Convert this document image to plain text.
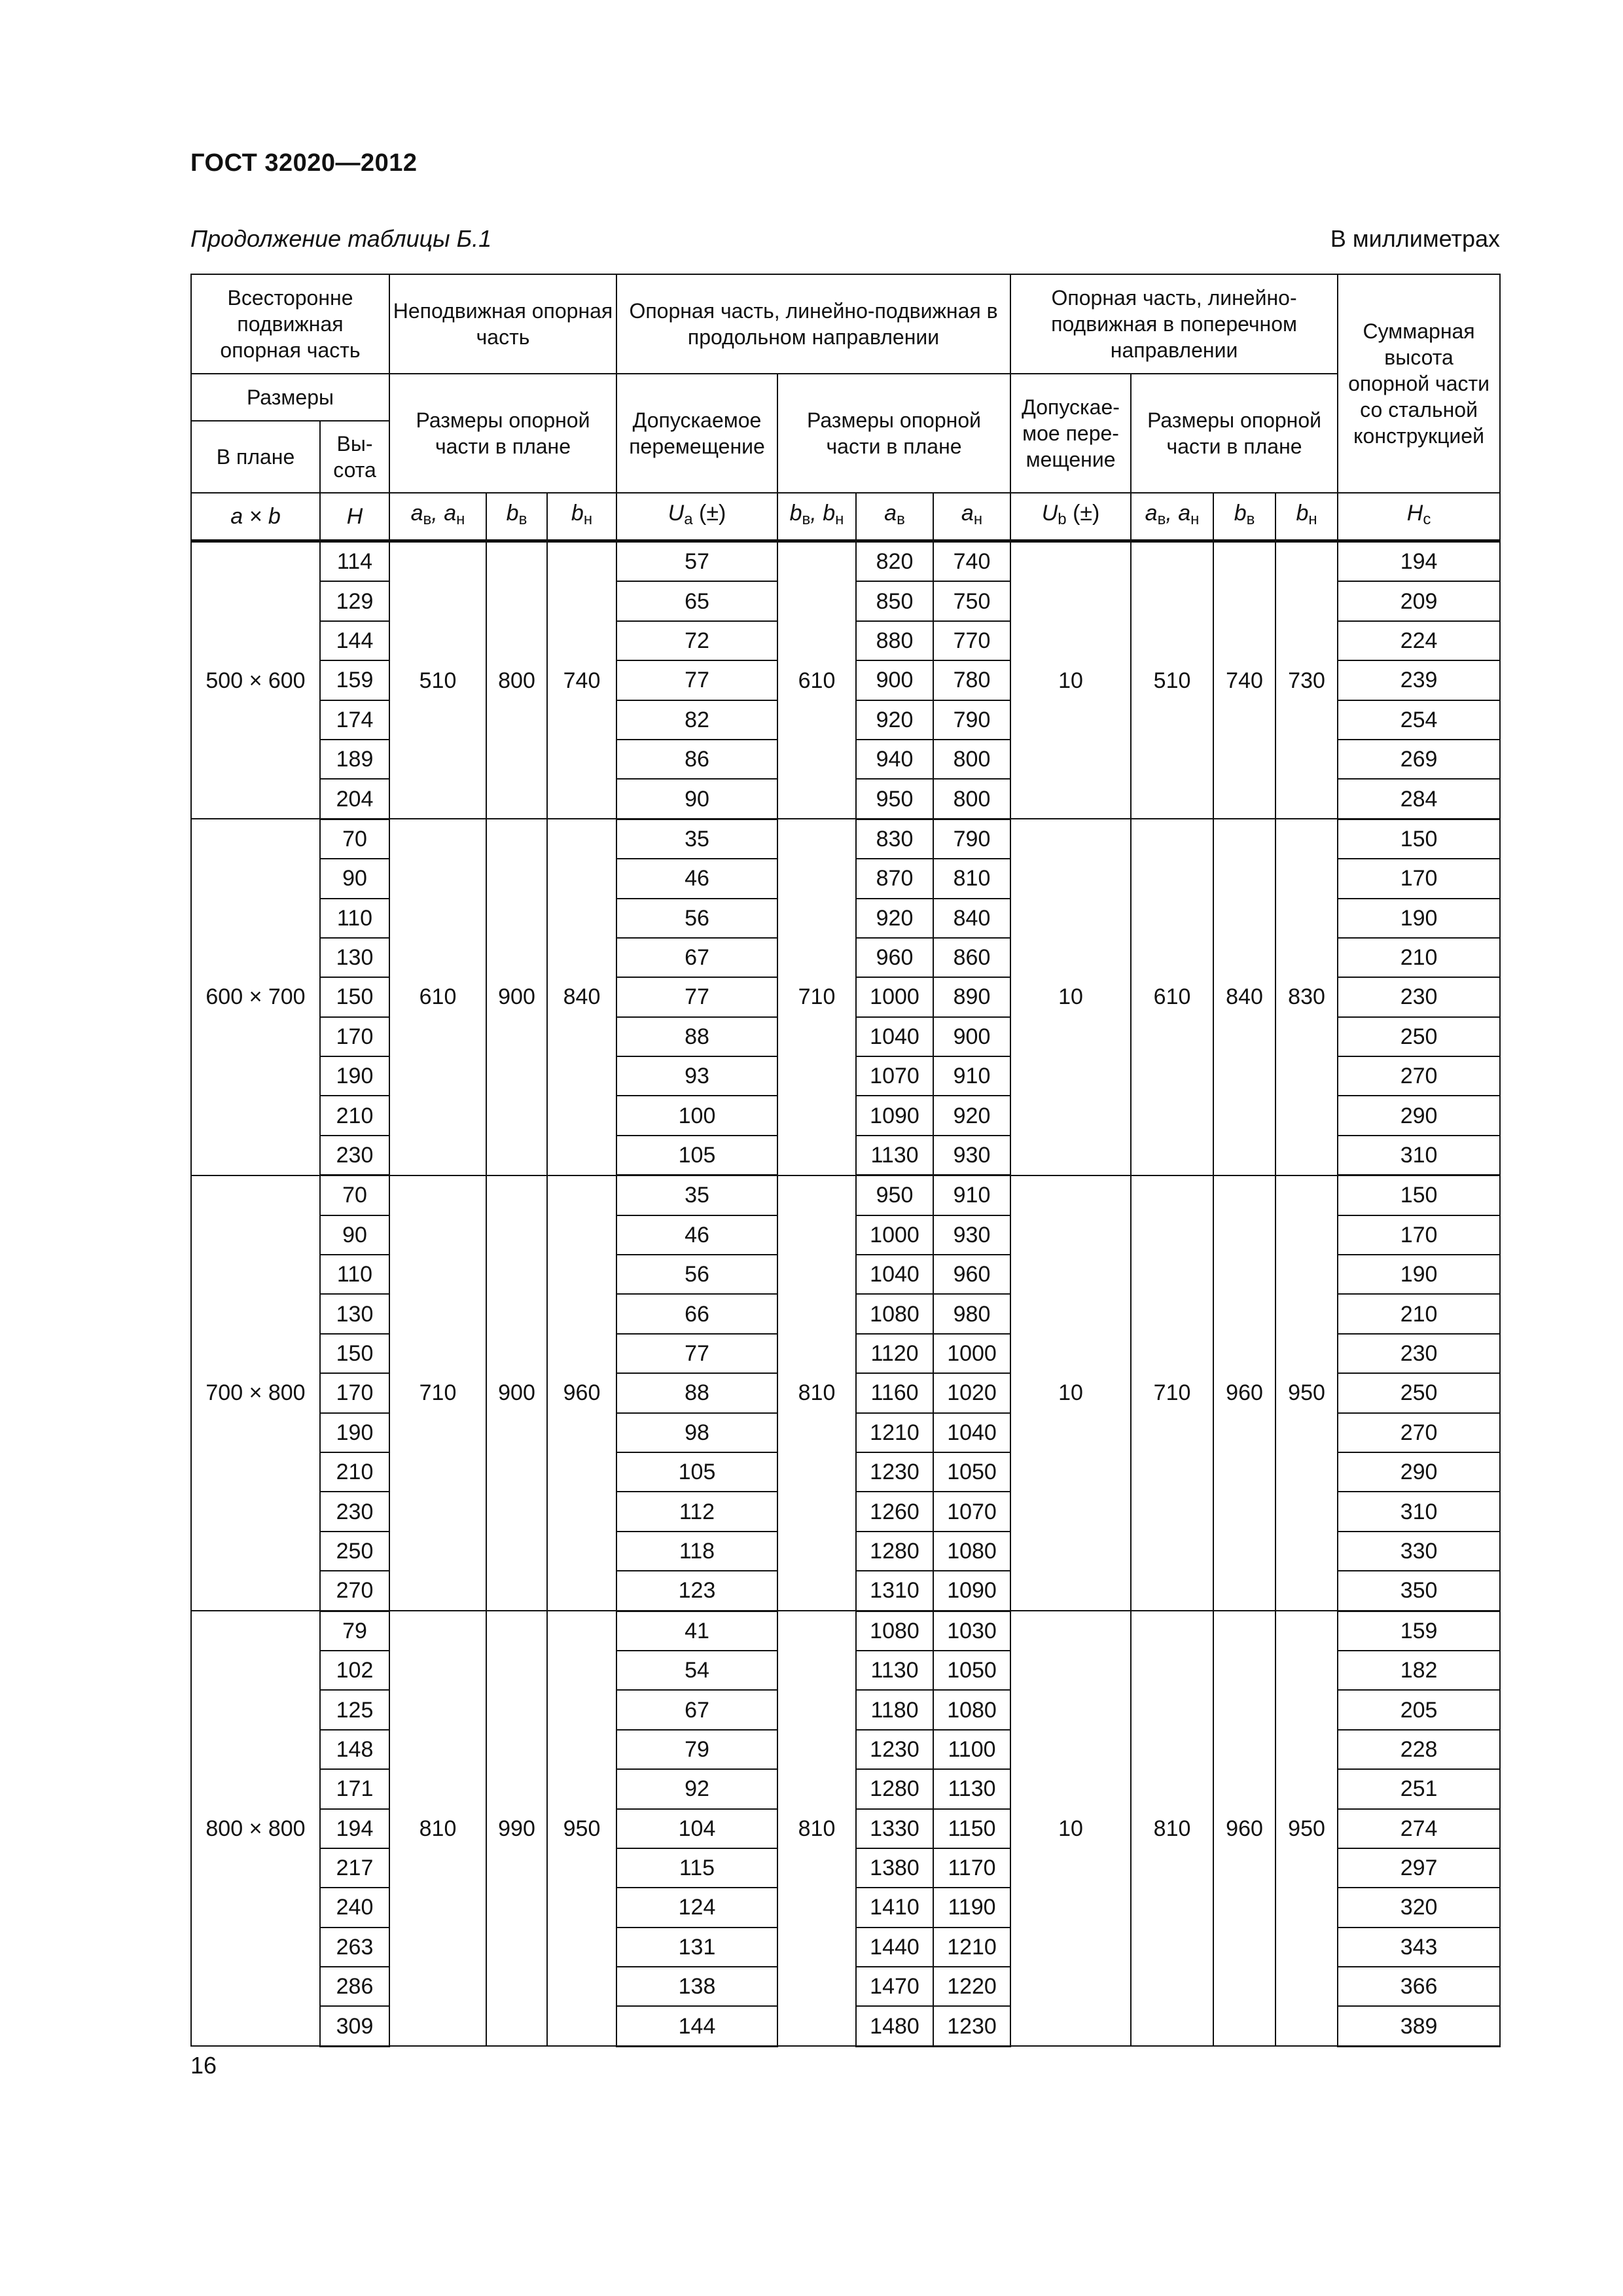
ГОСТ 32020—2012
Продолжение таблицы Б.1	В миллиметрах
Всесторонне подвижная опорная часть		Неподвижная опорная часть			Опорная часть, линейно-подвижная в продольном направлении				Опорная часть, линейно-подвижная в поперечном направлении				Суммарная высота опорной части со стальной конструкцией
Размеры		Размеры опорной части в плане			Допускаемое перемещение	Размеры опорной части в плане			Допускае-мое пере-мещение	Размеры опорной части в плане			
В плане	Вы-сота												
a × b	H	$a_в$, $a_н$	$b_в$	$b_н$	$U_a$ (±)	$b_в$, $b_н$	$a_в$	$a_н$	$U_b$ (±)	$a_в$, $a_н$	$b_в$	$b_н$	$H_c$
500 × 600	114	510	800	740	57	610	820	740	10	510	740	730	194
	129				65		850	750					209
	144				72		880	770					224
	159				77		900	780					239
	174				82		920	790					254
	189				86		940	800					269
	204				90		950	800					284
600 × 700	70	610	900	840	35	710	830	790	10	610	840	830	150
	90				46		870	810					170
	110				56		920	840					190
	130				67		960	860					210
	150				77		1000	890					230
	170				88		1040	900					250
	190				93		1070	910					270
	210				100		1090	920					290
	230				105		1130	930					310
700 × 800	70	710	900	960	35	810	950	910	10	710	960	950	150
	90				46		1000	930					170
	110				56		1040	960					190
	130				66		1080	980					210
	150				77		1120	1000					230
	170				88		1160	1020					250
	190				98		1210	1040					270
	210				105		1230	1050					290
	230				112		1260	1070					310
	250				118		1280	1080					330
	270				123		1310	1090					350
800 × 800	79	810	990	950	41	810	1080	1030	10	810	960	950	159
	102				54		1130	1050					182
	125				67		1180	1080					205
	148				79		1230	1100					228
	171				92		1280	1130					251
	194				104		1330	1150					274
	217				115		1380	1170					297
	240				124		1410	1190					320
	263				131		1440	1210					343
	286				138		1470	1220					366
	309				144		1480	1230					389
16
